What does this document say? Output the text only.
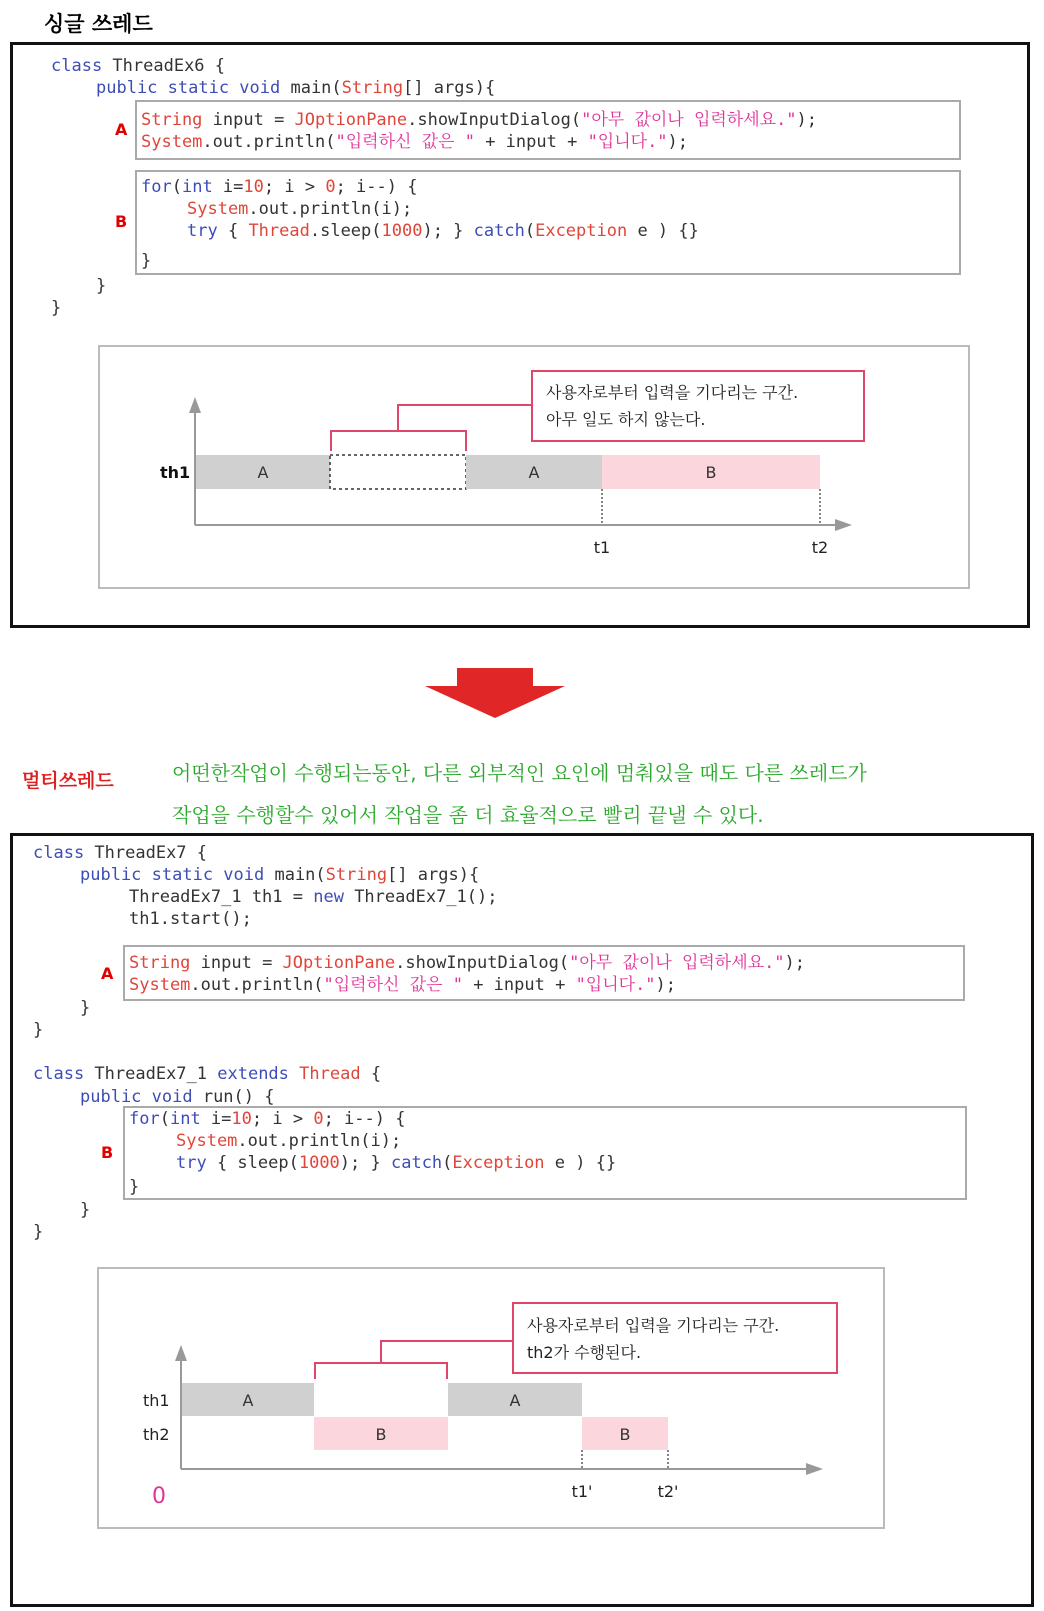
싱글 쓰레드
class ThreadEx6 {
public static void main(String[] args){
A String input = JOptionPane.showInputDialog("아무 값이나 입력하세요.");
System.out.println("입력하신 값은 " + input + "입니다.");
B
for(int i=10; i > 0; i--) {
System.out.println(i);
try { Thread.sleep(1000); } catch(Exception e ) {}
}
}
}
사용자로부터 입력을 기다리는 구간.
아무 일도 하지 않는다.
th1	A	A	B
t1	t2
멀티쓰레드	어떤한작업이 수행되는동안, 다른 외부적인 요인에 멈춰있을 때도 다른 쓰레드가
작업을 수행할수 있어서 작업을 좀 더 효율적으로 빨리 끝낼 수 있다.
class ThreadEx7 {
public static void main(String[] args){
ThreadEx7_1 th1 = new ThreadEx7_1();
th1.start();
A
String input = JOptionPane.showInputDialog("아무 값이나 입력하세요.");
System.out.println("입력하신 값은 " + input + "입니다.");
}
}
class ThreadEx7_1 extends Thread {
public void run() {
B
for(int i=10; i > 0; i--) {
System.out.println(i);
try { sleep(1000); } catch(Exception e ) {}
}
}
}
사용자로부터 입력을 기다리는 구간.
th2가 수행된다.
th1
th2
A	A
B	B
t1'	t2'
0
